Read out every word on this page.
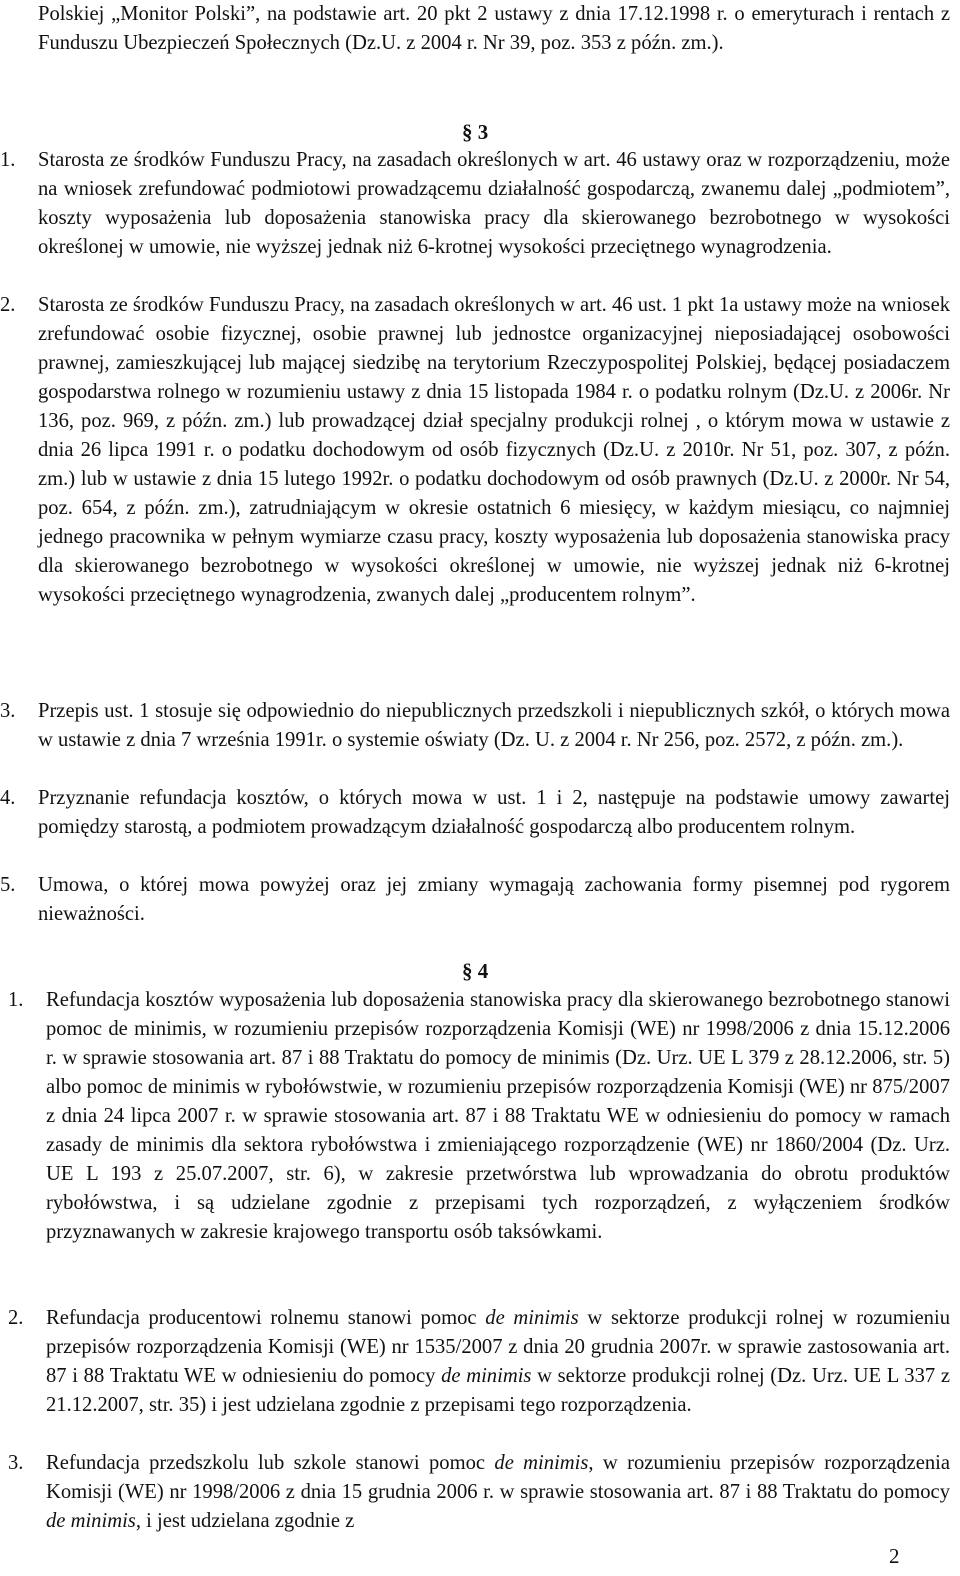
Polskiej „Monitor Polski”, na podstawie art. 20 pkt 2 ustawy z dnia 17.12.1998 r. o emeryturach i rentach z Funduszu Ubezpieczeń Społecznych (Dz.U. z 2004 r. Nr 39, poz. 353 z późn. zm.).
§ 3
1. Starosta ze środków Funduszu Pracy, na zasadach określonych w art. 46 ustawy oraz w rozporządzeniu, może na wniosek zrefundować podmiotowi prowadzącemu działalność gospodarczą, zwanemu dalej „podmiotem”, koszty wyposażenia lub doposażenia stanowiska pracy dla skierowanego bezrobotnego w wysokości określonej w umowie, nie wyższej jednak niż 6-krotnej wysokości przeciętnego wynagrodzenia.
2. Starosta ze środków Funduszu Pracy, na zasadach określonych w art. 46 ust. 1 pkt 1a ustawy może na wniosek zrefundować osobie fizycznej, osobie prawnej lub jednostce organizacyjnej nieposiadającej osobowości prawnej, zamieszkującej lub mającej siedzibę na terytorium Rzeczypospolitej Polskiej, będącej posiadaczem gospodarstwa rolnego w rozumieniu ustawy z dnia 15 listopada 1984 r. o podatku rolnym (Dz.U. z 2006r. Nr 136, poz. 969, z późn. zm.) lub prowadzącej dział specjalny produkcji rolnej , o którym mowa w ustawie z dnia 26 lipca 1991 r. o podatku dochodowym od osób fizycznych (Dz.U. z 2010r. Nr 51, poz. 307, z późn. zm.) lub w ustawie z dnia 15 lutego 1992r. o podatku dochodowym od osób prawnych (Dz.U. z 2000r. Nr 54, poz. 654, z późn. zm.), zatrudniającym w okresie ostatnich 6 miesięcy, w każdym miesiącu, co najmniej jednego pracownika w pełnym wymiarze czasu pracy, koszty wyposażenia lub doposażenia stanowiska pracy dla skierowanego bezrobotnego w wysokości określonej w umowie, nie wyższej jednak niż 6-krotnej wysokości przeciętnego wynagrodzenia, zwanych dalej „producentem rolnym”.
3. Przepis ust. 1 stosuje się odpowiednio do niepublicznych przedszkoli i niepublicznych szkół, o których mowa w ustawie z dnia 7 września 1991r. o systemie oświaty (Dz. U. z 2004 r. Nr 256, poz. 2572, z późn. zm.).
4. Przyznanie refundacja kosztów, o których mowa w ust. 1 i 2, następuje na podstawie umowy zawartej pomiędzy starostą, a podmiotem prowadzącym działalność gospodarczą albo producentem rolnym.
5. Umowa, o której mowa powyżej oraz jej zmiany wymagają zachowania formy pisemnej pod rygorem nieważności.
§ 4
1. Refundacja kosztów wyposażenia lub doposażenia stanowiska pracy dla skierowanego bezrobotnego stanowi pomoc de minimis, w rozumieniu przepisów rozporządzenia Komisji (WE) nr 1998/2006 z dnia 15.12.2006 r. w sprawie stosowania art. 87 i 88 Traktatu do pomocy de minimis (Dz. Urz. UE L 379 z 28.12.2006, str. 5) albo pomoc de minimis w rybołówstwie, w rozumieniu przepisów rozporządzenia Komisji (WE) nr 875/2007 z dnia 24 lipca 2007 r. w sprawie stosowania art. 87 i 88 Traktatu WE w odniesieniu do pomocy w ramach zasady de minimis dla sektora rybołówstwa i zmieniającego rozporządzenie (WE) nr 1860/2004 (Dz. Urz. UE L 193 z 25.07.2007, str. 6), w zakresie przetwórstwa lub wprowadzania do obrotu produktów rybołówstwa, i są udzielane zgodnie z przepisami tych rozporządzeń, z wyłączeniem środków przyznawanych w zakresie krajowego transportu osób taksówkami.
2. Refundacja producentowi rolnemu stanowi pomoc de minimis w sektorze produkcji rolnej w rozumieniu przepisów rozporządzenia Komisji (WE) nr 1535/2007 z dnia 20 grudnia 2007r. w sprawie zastosowania art. 87 i 88 Traktatu WE w odniesieniu do pomocy de minimis w sektorze produkcji rolnej (Dz. Urz. UE L 337 z 21.12.2007, str. 35) i jest udzielana zgodnie z przepisami tego rozporządzenia.
3. Refundacja przedszkolu lub szkole stanowi pomoc de minimis, w rozumieniu przepisów rozporządzenia Komisji (WE) nr 1998/2006 z dnia 15 grudnia 2006 r. w sprawie stosowania art. 87 i 88 Traktatu do pomocy de minimis, i jest udzielana zgodnie z
2
